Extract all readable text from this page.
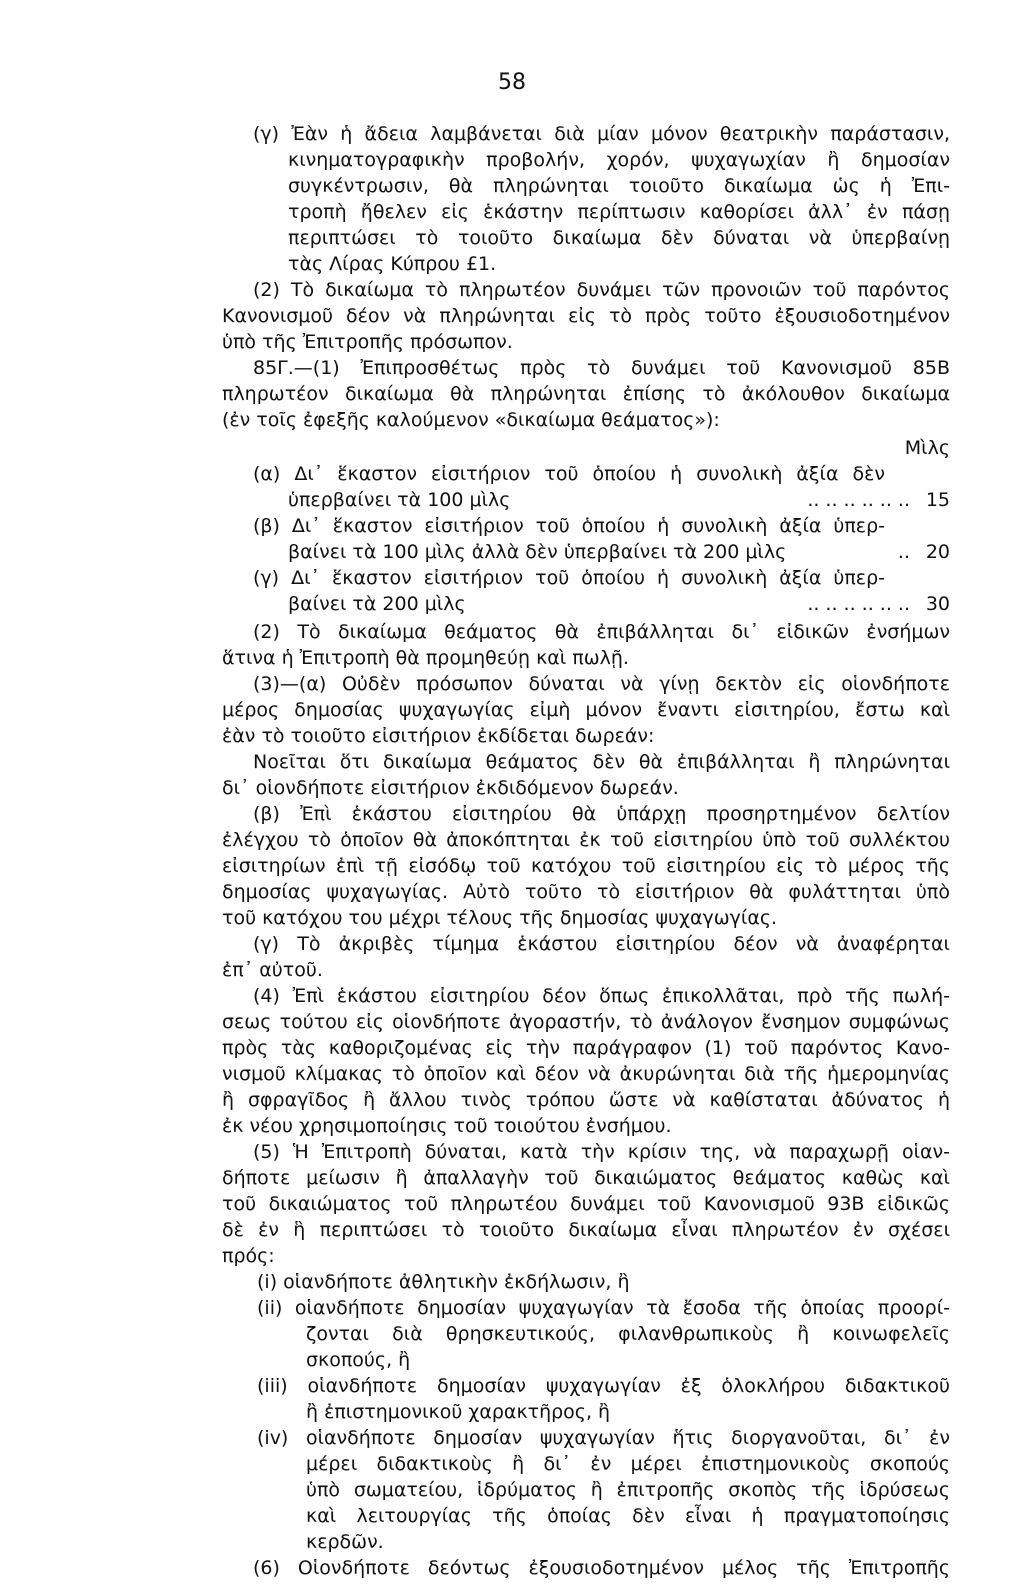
58
(γ) Ἐὰν ἡ ἄδεια λαμβάνεται διὰ μίαν μόνον θεατρικὴν παράστασιν,
κινηματογραφικὴν προβολήν, χορόν, ψυχαγωχίαν ἢ δημοσίαν
συγκέντρωσιν, θὰ πληρώνηται τοιοῦτο δικαίωμα ὡς ἡ Ἐπι-
τροπὴ ἤθελεν εἰς ἑκάστην περίπτωσιν καθορίσει ἀλλ᾽ ἐν πάσῃ
περιπτώσει τὸ τοιοῦτο δικαίωμα δὲν δύναται νὰ ὑπερβαίνῃ
τὰς Λίρας Κύπρου £1.
(2) Τὸ δικαίωμα τὸ πληρωτέον δυνάμει τῶν προνοιῶν τοῦ παρόντος
Κανονισμοῦ δέον νὰ πληρώνηται εἰς τὸ πρὸς τοῦτο ἐξουσιοδοτημένον
ὑπὸ τῆς Ἐπιτροπῆς πρόσωπον.
85Γ.—(1) Ἐπιπροσθέτως πρὸς τὸ δυνάμει τοῦ Κανονισμοῦ 85Β
πληρωτέον δικαίωμα θὰ πληρώνηται ἐπίσης τὸ ἀκόλουθον δικαίωμα
(ἐν τοῖς ἐφεξῆς καλούμενον «δικαίωμα θεάματος»):
Μὶλς
(α) Δι᾽ ἕκαστον εἰσιτήριον τοῦ ὁποίου ἡ συνολικὴ ἀξία δὲν
ὑπερβαίνει τὰ 100 μὶλς	.. .. .. .. .. .. 15
(β) Δι᾽ ἕκαστον εἰσιτήριον τοῦ ὁποίου ἡ συνολικὴ ἀξία ὑπερ-
βαίνει τὰ 100 μὶλς ἀλλὰ δὲν ὑπερβαίνει τὰ 200 μὶλς	.. 20
(γ) Δι᾽ ἕκαστον εἰσιτήριον τοῦ ὁποίου ἡ συνολικὴ ἀξία ὑπερ-
βαίνει τὰ 200 μὶλς	.. .. .. .. .. .. 30
(2) Τὸ δικαίωμα θεάματος θὰ ἐπιβάλληται δι᾽ εἰδικῶν ἐνσήμων
ἅτινα ἡ Ἐπιτροπὴ θὰ προμηθεύῃ καὶ πωλῇ.
(3)—(α) Οὐδὲν πρόσωπον δύναται νὰ γίνῃ δεκτὸν εἰς οἱονδήποτε
μέρος δημοσίας ψυχαγωγίας εἰμὴ μόνον ἔναντι εἰσιτηρίου, ἔστω καὶ
ἐὰν τὸ τοιοῦτο εἰσιτήριον ἐκδίδεται δωρεάν:
Νοεῖται ὅτι δικαίωμα θεάματος δὲν θὰ ἐπιβάλληται ἢ πληρώνηται
δι᾽ οἱονδήποτε εἰσιτήριον ἐκδιδόμενον δωρεάν.
(β) Ἐπὶ ἑκάστου εἰσιτηρίου θὰ ὑπάρχῃ προσηρτημένον δελτίον
ἐλέγχου τὸ ὁποῖον θὰ ἀποκόπτηται ἐκ τοῦ εἰσιτηρίου ὑπὸ τοῦ συλλέκτου
εἰσιτηρίων ἐπὶ τῇ εἰσόδῳ τοῦ κατόχου τοῦ εἰσιτηρίου εἰς τὸ μέρος τῆς
δημοσίας ψυχαγωγίας. Αὐτὸ τοῦτο τὸ εἰσιτήριον θὰ φυλάττηται ὑπὸ
τοῦ κατόχου του μέχρι τέλους τῆς δημοσίας ψυχαγωγίας.
(γ) Τὸ ἀκριβὲς τίμημα ἑκάστου εἰσιτηρίου δέον νὰ ἀναφέρηται
ἐπ᾽ αὐτοῦ.
(4) Ἐπὶ ἑκάστου εἰσιτηρίου δέον ὅπως ἐπικολλᾶται, πρὸ τῆς πωλή-
σεως τούτου εἰς οἱονδήποτε ἀγοραστήν, τὸ ἀνάλογον ἔνσημον συμφώνως
πρὸς τὰς καθοριζομένας εἰς τὴν παράγραφον (1) τοῦ παρόντος Κανο-
νισμοῦ κλίμακας τὸ ὁποῖον καὶ δέον νὰ ἀκυρώνηται διὰ τῆς ἡμερομηνίας
ἢ σφραγῖδος ἢ ἄλλου τινὸς τρόπου ὥστε νὰ καθίσταται ἀδύνατος ἡ
ἐκ νέου χρησιμοποίησις τοῦ τοιούτου ἐνσήμου.
(5) Ἡ Ἐπιτροπὴ δύναται, κατὰ τὴν κρίσιν της, νὰ παραχωρῇ οἱαν-
δήποτε μείωσιν ἢ ἀπαλλαγὴν τοῦ δικαιώματος θεάματος καθὼς καὶ
τοῦ δικαιώματος τοῦ πληρωτέου δυνάμει τοῦ Κανονισμοῦ 93Β εἰδικῶς
δὲ ἐν ἣ περιπτώσει τὸ τοιοῦτο δικαίωμα εἶναι πληρωτέον ἐν σχέσει
πρός:
(i) οἱανδήποτε ἀθλητικὴν ἐκδήλωσιν, ἢ
(ii) οἱανδήποτε δημοσίαν ψυχαγωγίαν τὰ ἔσοδα τῆς ὁποίας προορί-
ζονται διὰ θρησκευτικούς, φιλανθρωπικοὺς ἢ κοινωφελεῖς
σκοπούς, ἢ
(iii) οἱανδήποτε δημοσίαν ψυχαγωγίαν ἐξ ὁλοκλήρου διδακτικοῦ
ἢ ἐπιστημονικοῦ χαρακτῆρος, ἢ
(iv) οἱανδήποτε δημοσίαν ψυχαγωγίαν ἥτις διοργανοῦται, δι᾽ ἐν
μέρει διδακτικοὺς ἢ δι᾽ ἐν μέρει ἐπιστημονικοὺς σκοπούς
ὑπὸ σωματείου, ἱδρύματος ἢ ἐπιτροπῆς σκοπὸς τῆς ἱδρύσεως
καὶ λειτουργίας τῆς ὁποίας δὲν εἶναι ἡ πραγματοποίησις
κερδῶν.
(6) Οἱονδήποτε δεόντως ἐξουσιοδοτημένον μέλος τῆς Ἐπιτροπῆς
